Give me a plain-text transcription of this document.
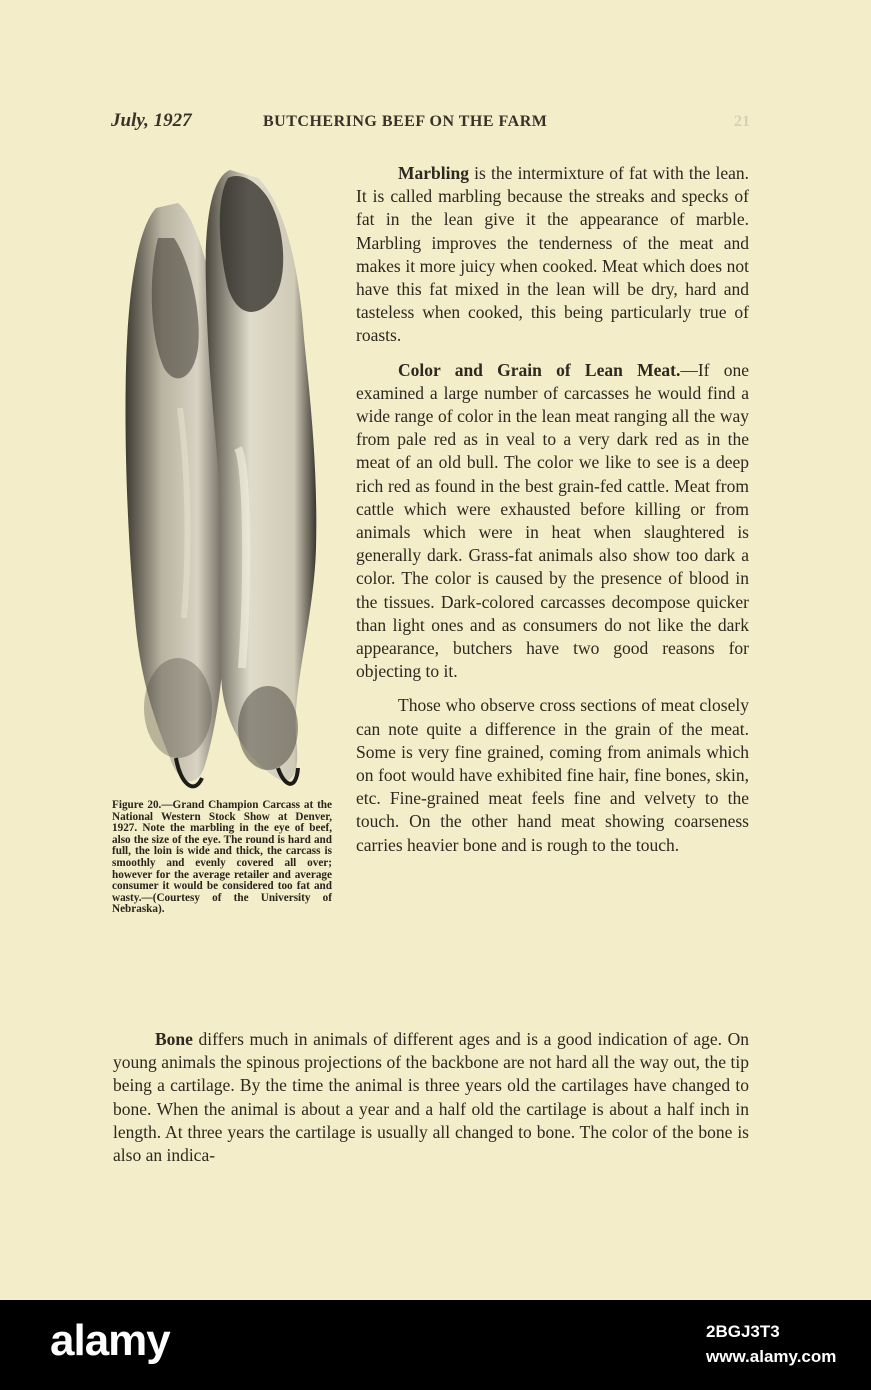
July, 1927	BUTCHERING BEEF ON THE FARM	21
Figure 20.—Grand Champion Carcass at the National Western Stock Show at Denver, 1927. Note the marbling in the eye of beef, also the size of the eye. The round is hard and full, the loin is wide and thick, the carcass is smoothly and evenly covered all over; however for the average retailer and average consumer it would be considered too fat and wasty.—(Courtesy of the University of Nebraska).

Marbling is the intermixture of fat with the lean. It is called marbling because the streaks and specks of fat in the lean give it the appearance of marble. Marbling improves the tenderness of the meat and makes it more juicy when cooked. Meat which does not have this fat mixed in the lean will be dry, hard and tasteless when cooked, this being particularly true of roasts.

Color and Grain of Lean Meat.—If one examined a large number of carcasses he would find a wide range of color in the lean meat ranging all the way from pale red as in veal to a very dark red as in the meat of an old bull. The color we like to see is a deep rich red as found in the best grain-fed cattle. Meat from cattle which were exhausted before killing or from animals which were in heat when slaughtered is generally dark. Grass-fat animals also show too dark a color. The color is caused by the presence of blood in the tissues. Dark-colored carcasses decompose quicker than light ones and as consumers do not like the dark appearance, butchers have two good reasons for objecting to it.

Those who observe cross sections of meat closely can note quite a difference in the grain of the meat. Some is very fine grained, coming from animals which on foot would have exhibited fine hair, fine bones, skin, etc. Fine-grained meat feels fine and velvety to the touch. On the other hand meat showing coarseness carries heavier bone and is rough to the touch.

Bone differs much in animals of different ages and is a good indication of age. On young animals the spinous projections of the backbone are not hard all the way out, the tip being a cartilage. By the time the animal is three years old the cartilages have changed to bone. When the animal is about a year and a half old the cartilage is about a half inch in length. At three years the cartilage is usually all changed to bone. The color of the bone is also an indica-

alamy	2BGJ3T3
www.alamy.com
